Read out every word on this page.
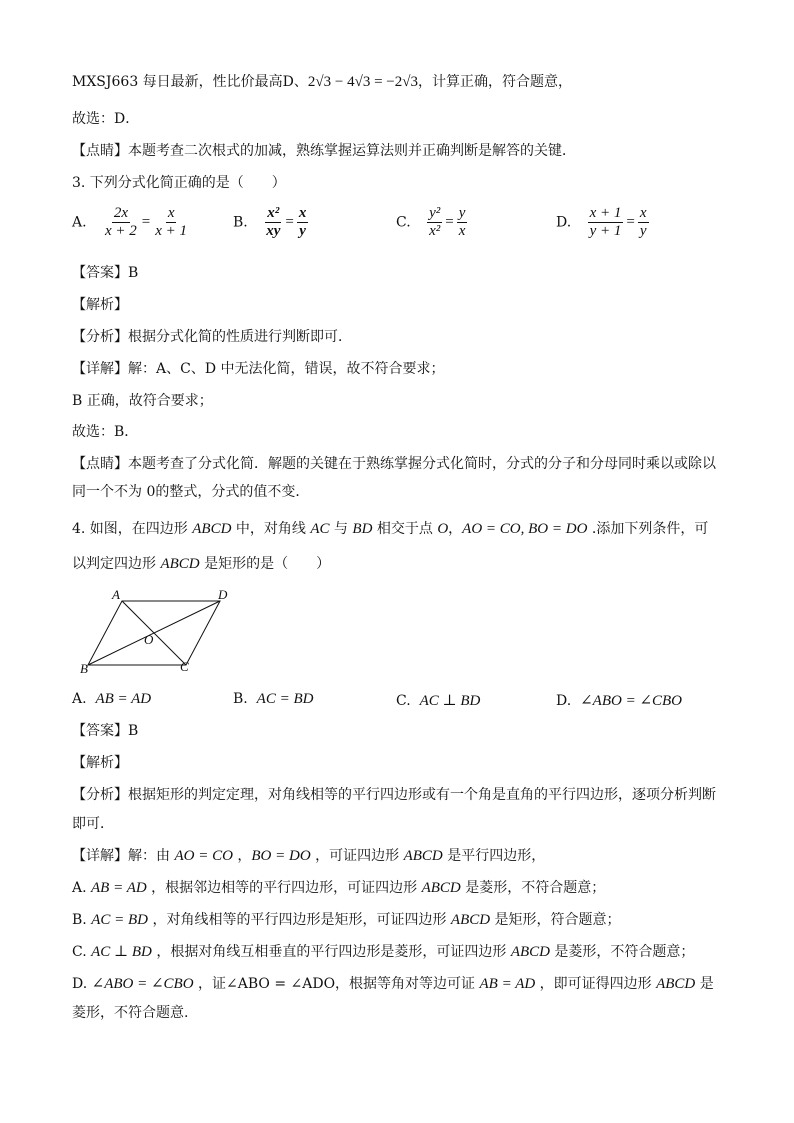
MXSJ663 每日最新，性比价最高D、2√3 − 4√3 = −2√3，计算正确，符合题意，
故选：D．
【点睛】本题考查二次根式的加减，熟练掌握运算法则并正确判断是解答的关键．
3. 下列分式化简正确的是（　　）
A. $\frac{2x}{x + 2} = \frac{x}{x + 1}$	B. $\frac{\text{x²}}{xy} = \frac{x}{y}$	C. $\frac{\text{y²}}{\text{x²}} = \frac{y}{x}$	D. $\frac{x + 1}{y + 1} = \frac{x}{y}$
【答案】B
【解析】
【分析】根据分式化简的性质进行判断即可．
【详解】解：A、C、D 中无法化简，错误，故不符合要求；
B 正确，故符合要求；
故选：B．
【点睛】本题考查了分式化简．解题的关键在于熟练掌握分式化简时，分式的分子和分母同时乘以或除以
同一个不为 0的整式，分式的值不变．
4. 如图，在四边形 ABCD 中，对角线 AC 与 BD 相交于点 O，AO = CO, BO = DO .添加下列条件，可
以判定四边形 ABCD 是矩形的是（　　）
A	D
O
B	C
A. AB = AD	B. AC = BD	C. AC ⊥ BD	D. ∠ABO = ∠CBO
【答案】B
【解析】
【分析】根据矩形的判定定理，对角线相等的平行四边形或有一个角是直角的平行四边形，逐项分析判断
即可．
【详解】解：由 AO = CO ，BO = DO ，可证四边形 ABCD 是平行四边形，
A. AB = AD ，根据邻边相等的平行四边形，可证四边形 ABCD 是菱形，不符合题意；
B. AC = BD ，对角线相等的平行四边形是矩形，可证四边形 ABCD 是矩形，符合题意；
C. AC ⊥ BD ，根据对角线互相垂直的平行四边形是菱形，可证四边形 ABCD 是菱形，不符合题意；
D. ∠ABO = ∠CBO ，证∠ABO = ∠ADO，根据等角对等边可证 AB = AD ，即可证得四边形 ABCD 是
菱形，不符合题意.
